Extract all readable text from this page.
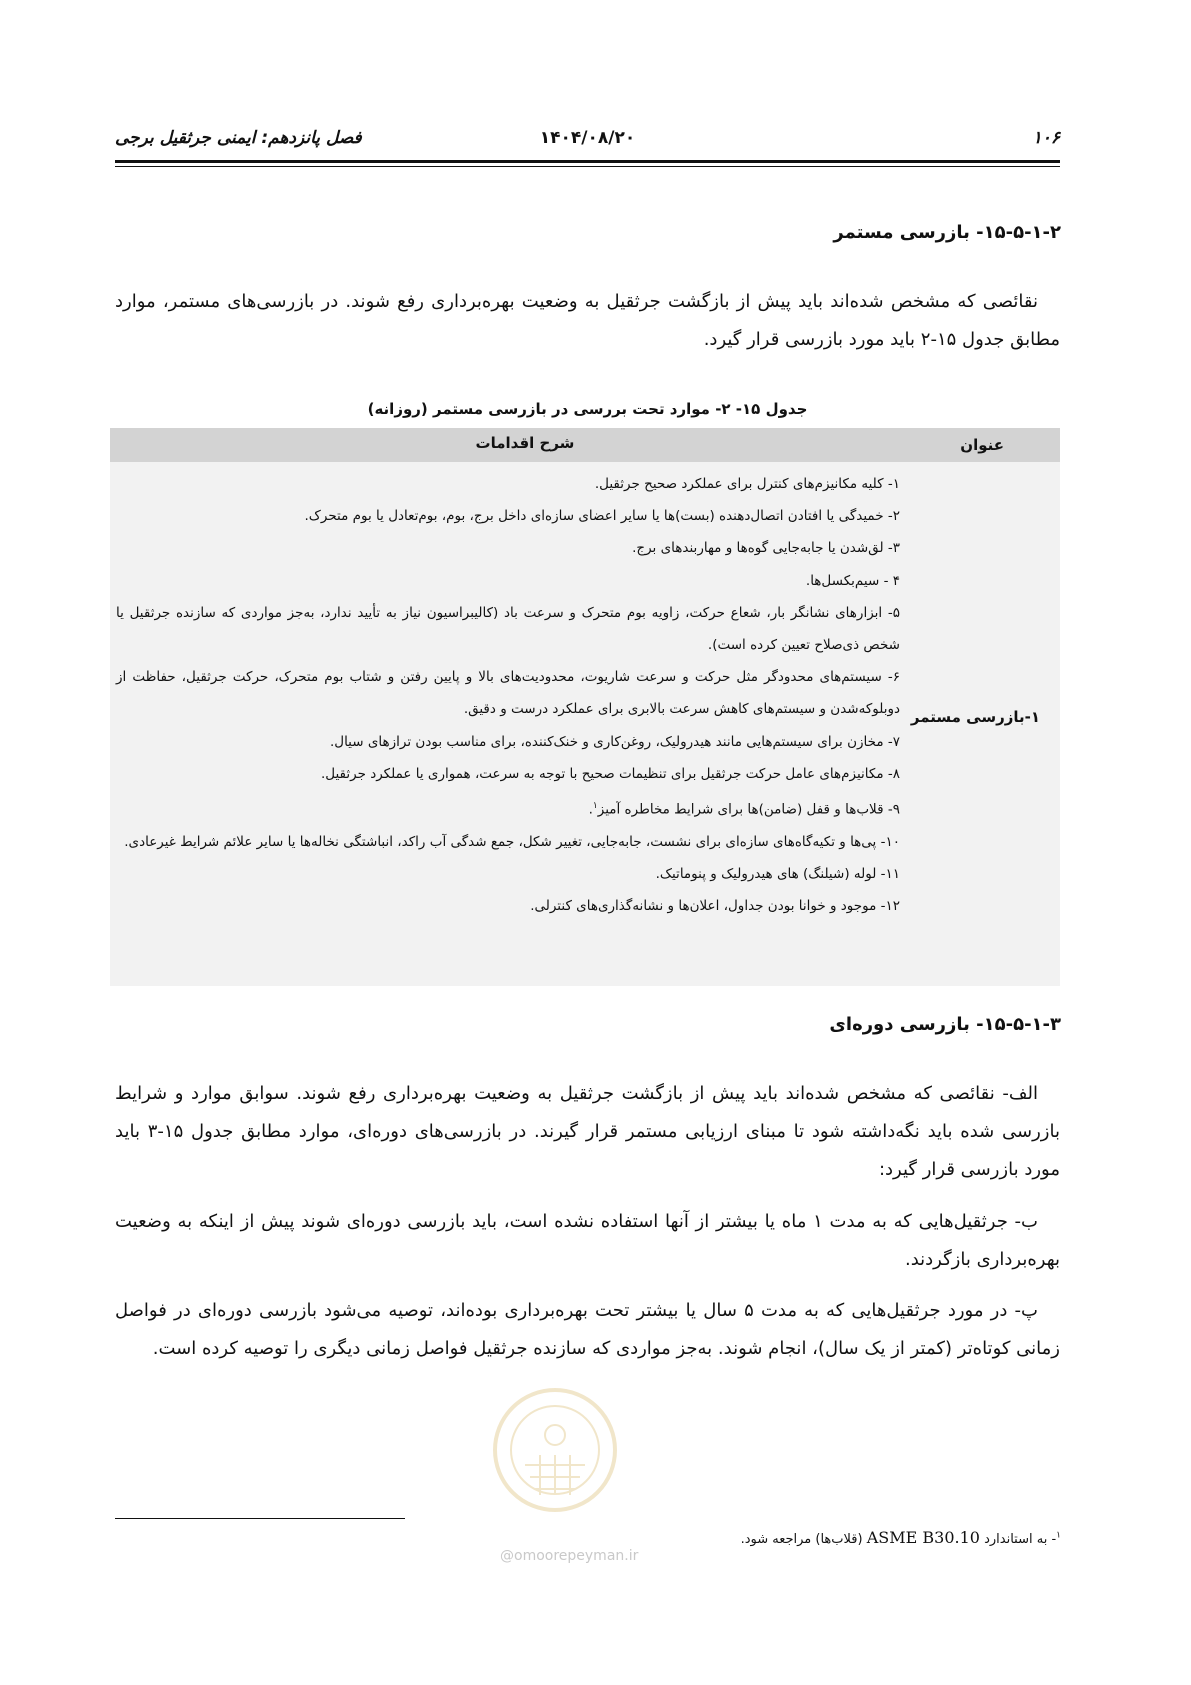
۱۰۶
۱۴۰۴/۰۸/۲۰
فصل پانزدهم: ایمنی جرثقیل برجی
۱۵-۵-۱-۲- بازرسی مستمر

نقائصی که مشخص شده‌اند باید پیش از بازگشت جرثقیل به وضعیت بهره‌برداری رفع شوند. در بازرسی‌های مستمر، موارد مطابق جدول ۱۵-۲ باید مورد بازرسی قرار گیرد.

جدول ۱۵- ۲- موارد تحت بررسی در بازرسی مستمر (روزانه)
عنوان
شرح اقدامات
۱-بازرسی مستمر
۱- کلیه مکانیزم‌های کنترل برای عملکرد صحیح جرثقیل.
۲- خمیدگی یا افتادن اتصال‌دهنده (بست)ها یا سایر اعضای سازه‌ای داخل برج، بوم، بوم‌تعادل یا بوم متحرک.
۳- لق‌شدن یا جابه‌جایی گوه‌ها و مهاربندهای برج.
۴ - سیم‌بکسل‌ها.
۵- ابزارهای نشانگر بار، شعاع حرکت، زاویه بوم متحرک و سرعت باد (کالیبراسیون نیاز به تأیید ندارد، به‌جز مواردی که سازنده جرثقیل یا شخص ذی‌صلاح تعیین کرده است).
۶- سیستم‌های محدودگر مثل حرکت و سرعت شاریوت، محدودیت‌های بالا و پایین رفتن و شتاب بوم متحرک، حرکت جرثقیل، حفاظت از دوبلوکه‌شدن و سیستم‌های کاهش سرعت بالابری برای عملکرد درست و دقیق.
۷- مخازن برای سیستم‌هایی مانند هیدرولیک، روغن‌کاری و خنک‌کننده، برای مناسب بودن ترازهای سیال.
۸- مکانیزم‌های عامل حرکت جرثقیل برای تنظیمات صحیح با توجه به سرعت، همواری یا عملکرد جرثقیل.
۹- قلاب‌ها و قفل (ضامن)ها برای شرایط مخاطره آمیز$^۱$.
۱۰- پی‌ها و تکیه‌گاه‌های سازه‌ای برای نشست، جابه‌جایی، تغییر شکل، جمع شدگی آب راکد، انباشتگی نخاله‌ها یا سایر علائم شرایط غیرعادی.
۱۱- لوله (شیلنگ) های هیدرولیک و پنوماتیک.
۱۲- موجود و خوانا بودن جداول، اعلان‌ها و نشانه‌گذاری‌های کنترلی.
۱۵-۵-۱-۳- بازرسی دوره‌ای

الف- نقائصی که مشخص شده‌اند باید پیش از بازگشت جرثقیل به وضعیت بهره‌برداری رفع شوند. سوابق موارد و شرایط بازرسی شده باید نگه‌داشته شود تا مبنای ارزیابی مستمر قرار گیرند. در بازرسی‌های دوره‌ای، موارد مطابق جدول ۱۵-۳ باید مورد بازرسی قرار گیرد:

ب- جرثقیل‌هایی که به مدت ۱ ماه یا بیشتر از آنها استفاده نشده است، باید بازرسی دوره‌ای شوند پیش از اینکه به وضعیت بهره‌برداری بازگردند.

پ- در مورد جرثقیل‌هایی که به مدت ۵ سال یا بیشتر تحت بهره‌برداری بوده‌اند، توصیه می‌شود بازرسی دوره‌ای در فواصل زمانی کوتاه‌تر (کمتر از یک سال)، انجام شوند. به‌جز مواردی که سازنده جرثقیل فواصل زمانی دیگری را توصیه کرده است.

@omoorepeyman.ir
$^۱$- به استاندارد ASME B30.10 (قلاب‌ها) مراجعه شود.
